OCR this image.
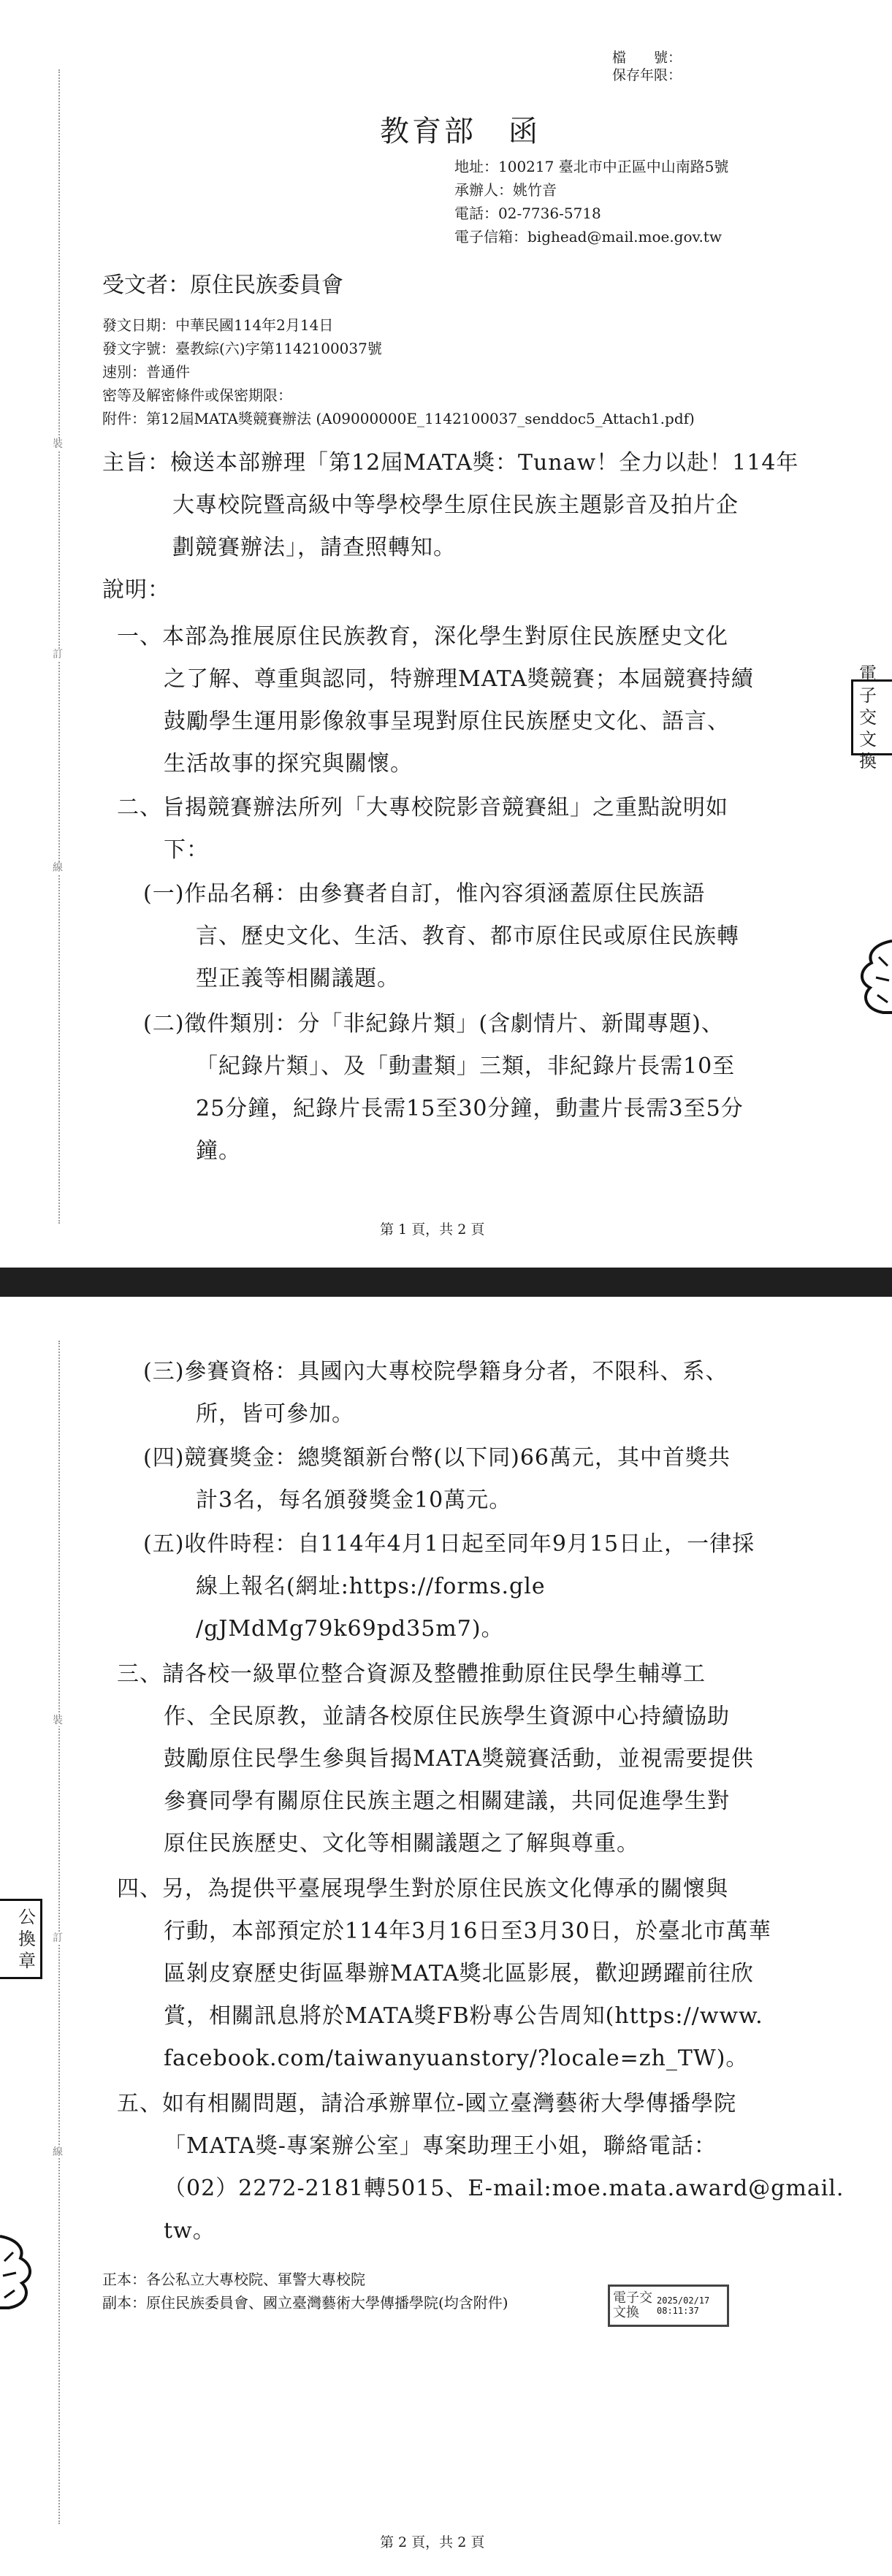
裝
訂
線
檔　　號：
保存年限：
教育部　函
地址：100217 臺北市中正區中山南路5號
承辦人：姚竹音
電話：02-7736-5718
電子信箱：bighead@mail.moe.gov.tw
受文者：原住民族委員會
發文日期：中華民國114年2月14日
發文字號：臺教綜(六)字第1142100037號
速別：普通件
密等及解密條件或保密期限：
附件：第12屆MATA獎競賽辦法 (A09000000E_1142100037_senddoc5_Attach1.pdf)
主旨：檢送本部辦理「第12屆MATA獎：Tunaw！全力以赴！114年
大專校院暨高級中等學校學生原住民族主題影音及拍片企
劃競賽辦法」，請查照轉知。
說明：
一、本部為推展原住民族教育，深化學生對原住民族歷史文化
之了解、尊重與認同，特辦理MATA獎競賽；本屆競賽持續
鼓勵學生運用影像敘事呈現對原住民族歷史文化、語言、
生活故事的探究與關懷。
二、旨揭競賽辦法所列「大專校院影音競賽組」之重點說明如
下：
(一)作品名稱：由參賽者自訂，惟內容須涵蓋原住民族語
言、歷史文化、生活、教育、都市原住民或原住民族轉
型正義等相關議題。
(二)徵件類別：分「非紀錄片類」(含劇情片、新聞專題)、
「紀錄片類」、及「動畫類」三類，非紀錄片長需10至
25分鐘，紀錄片長需15至30分鐘，動畫片長需3至5分
鐘。
第 1 頁，共 2 頁
電子
交文
換
裝
訂
線
(三)參賽資格：具國內大專校院學籍身分者，不限科、系、
所，皆可參加。
(四)競賽獎金：總獎額新台幣(以下同)66萬元，其中首獎共
計3名，每名頒發獎金10萬元。
(五)收件時程：自114年4月1日起至同年9月15日止，一律採
線上報名(網址:https://forms.gle
/gJMdMg79k69pd35m7)。
三、請各校一級單位整合資源及整體推動原住民學生輔導工
作、全民原教，並請各校原住民族學生資源中心持續協助
鼓勵原住民學生參與旨揭MATA獎競賽活動，並視需要提供
參賽同學有關原住民族主題之相關建議，共同促進學生對
原住民族歷史、文化等相關議題之了解與尊重。
四、另，為提供平臺展現學生對於原住民族文化傳承的關懷與
行動，本部預定於114年3月16日至3月30日，於臺北市萬華
區剝皮寮歷史街區舉辦MATA獎北區影展，歡迎踴躍前往欣
賞，相關訊息將於MATA獎FB粉專公告周知(https://www.
facebook.com/taiwanyuanstory/?locale=zh_TW)。
五、如有相關問題，請洽承辦單位-國立臺灣藝術大學傳播學院
「MATA獎-專案辦公室」專案助理王小姐，聯絡電話：
（02）2272-2181轉5015、E-mail:moe.mata.award@gmail.
tw。
正本：各公私立大專校院、軍警大專校院
副本：原住民族委員會、國立臺灣藝術大學傳播學院(均含附件)	電子交
文換
2025/02/17
08:11:37
第 2 頁，共 2 頁
公
換
章
